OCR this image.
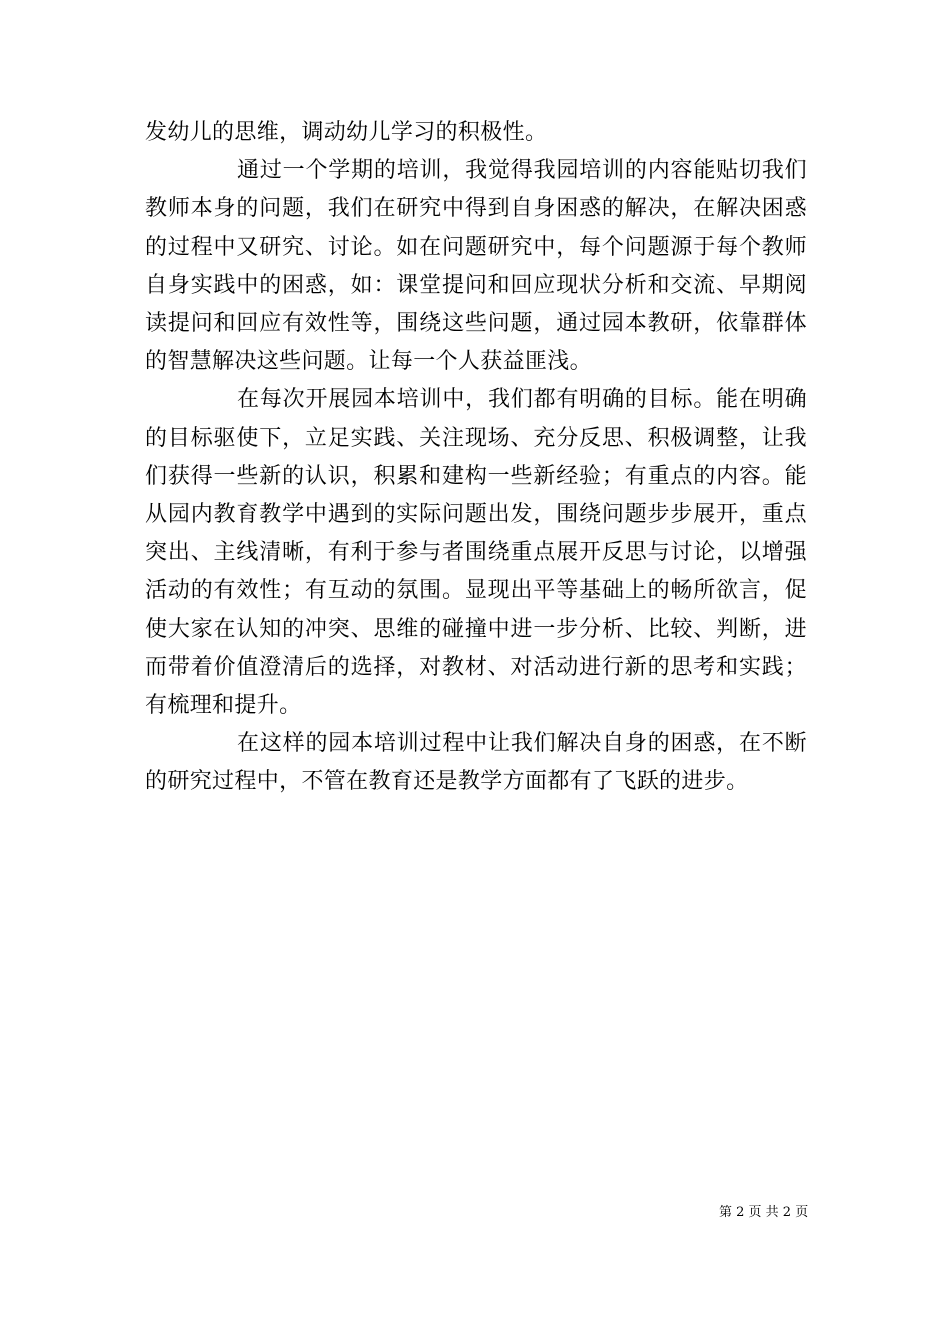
发幼儿的思维，调动幼儿学习的积极性。

通过一个学期的培训，我觉得我园培训的内容能贴切我们教师本身的问题，我们在研究中得到自身困惑的解决，在解决困惑的过程中又研究、讨论。如在问题研究中，每个问题源于每个教师自身实践中的困惑，如：课堂提问和回应现状分析和交流、早期阅读提问和回应有效性等，围绕这些问题，通过园本教研，依靠群体的智慧解决这些问题。让每一个人获益匪浅。

在每次开展园本培训中，我们都有明确的目标。能在明确的目标驱使下，立足实践、关注现场、充分反思、积极调整，让我们获得一些新的认识，积累和建构一些新经验；有重点的内容。能从园内教育教学中遇到的实际问题出发，围绕问题步步展开，重点突出、主线清晰，有利于参与者围绕重点展开反思与讨论，以增强活动的有效性；有互动的氛围。显现出平等基础上的畅所欲言，促使大家在认知的冲突、思维的碰撞中进一步分析、比较、判断，进而带着价值澄清后的选择，对教材、对活动进行新的思考和实践；有梳理和提升。

在这样的园本培训过程中让我们解决自身的困惑，在不断的研究过程中，不管在教育还是教学方面都有了飞跃的进步。

第 2 页 共 2 页
